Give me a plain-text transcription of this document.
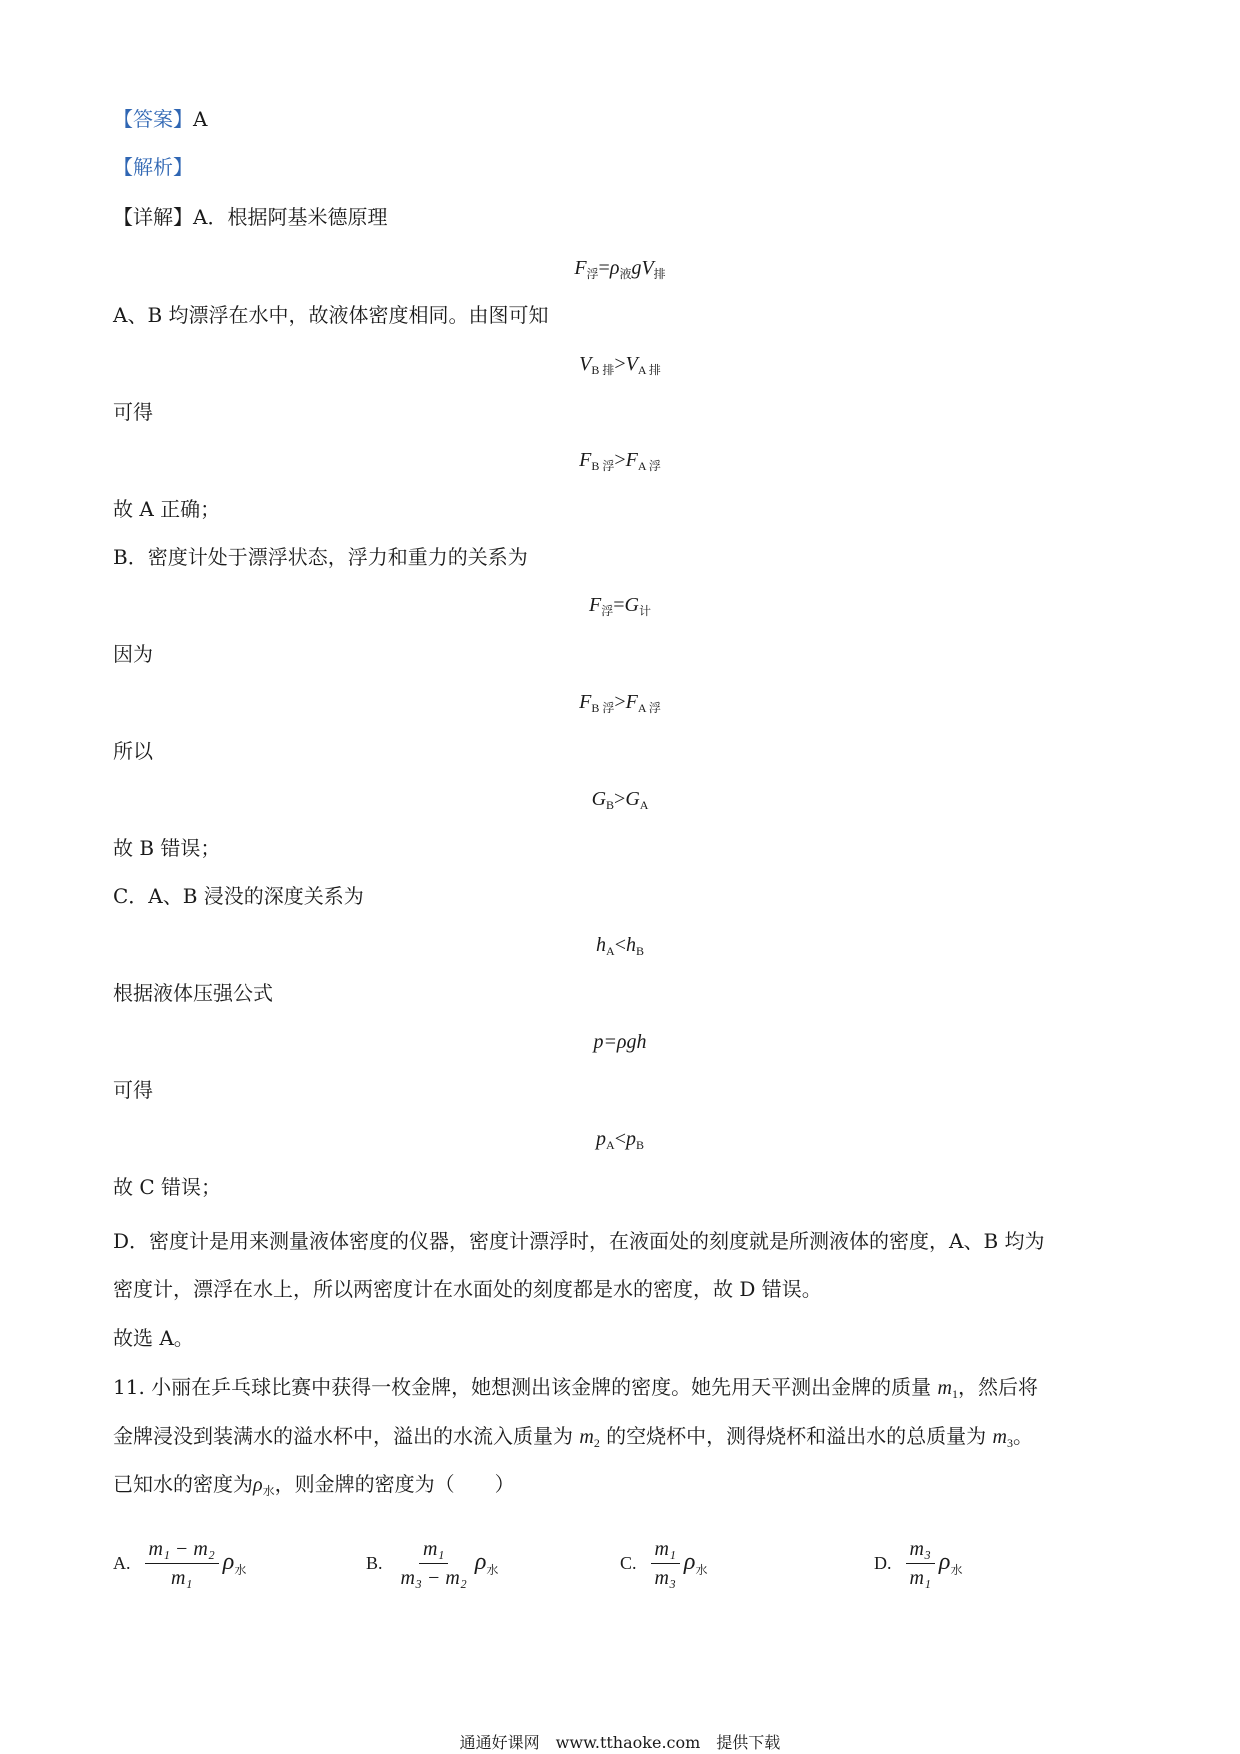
【答案】A
【解析】
【详解】A．根据阿基米德原理
$F_浮=\rho_液gV_排$
A、B 均漂浮在水中，故液体密度相同。由图可知
$V_{B 排}>V_{A 排}$
可得
$F_{B 浮}>F_{A 浮}$
故 A 正确；
B．密度计处于漂浮状态，浮力和重力的关系为
$F_浮=G_计$
因为
$F_{B 浮}>F_{A 浮}$
所以
$G_B>G_A$
故 B 错误；
C．A、B 浸没的深度关系为
$h_A<h_B$
根据液体压强公式
p=ρgh
可得
$p_A<p_B$
故 C 错误；
D．密度计是用来测量液体密度的仪器，密度计漂浮时，在液面处的刻度就是所测液体的密度，A、B 均为
密度计，漂浮在水上，所以两密度计在水面处的刻度都是水的密度，故 D 错误。
故选 A。
11. 小丽在乒乓球比赛中获得一枚金牌，她想测出该金牌的密度。她先用天平测出金牌的质量 $m_1$，然后将
金牌浸没到装满水的溢水杯中，溢出的水流入质量为 $m_2$ 的空烧杯中，测得烧杯和溢出水的总质量为 $m_3$。
已知水的密度为$\rho_水$，则金牌的密度为（　　）
A. $\frac{\text{m₁ − m₂}}{\text{m₁}} \rho_水$	B. $\frac{\text{m₁}}{\text{m₃ − m₂}} \rho_水$	C. $\frac{\text{m₁}}{\text{m₃}} \rho_水$	D. $\frac{\text{m₃}}{\text{m₁}} \rho_水$
通通好课网　www.tthaoke.com　提供下载
